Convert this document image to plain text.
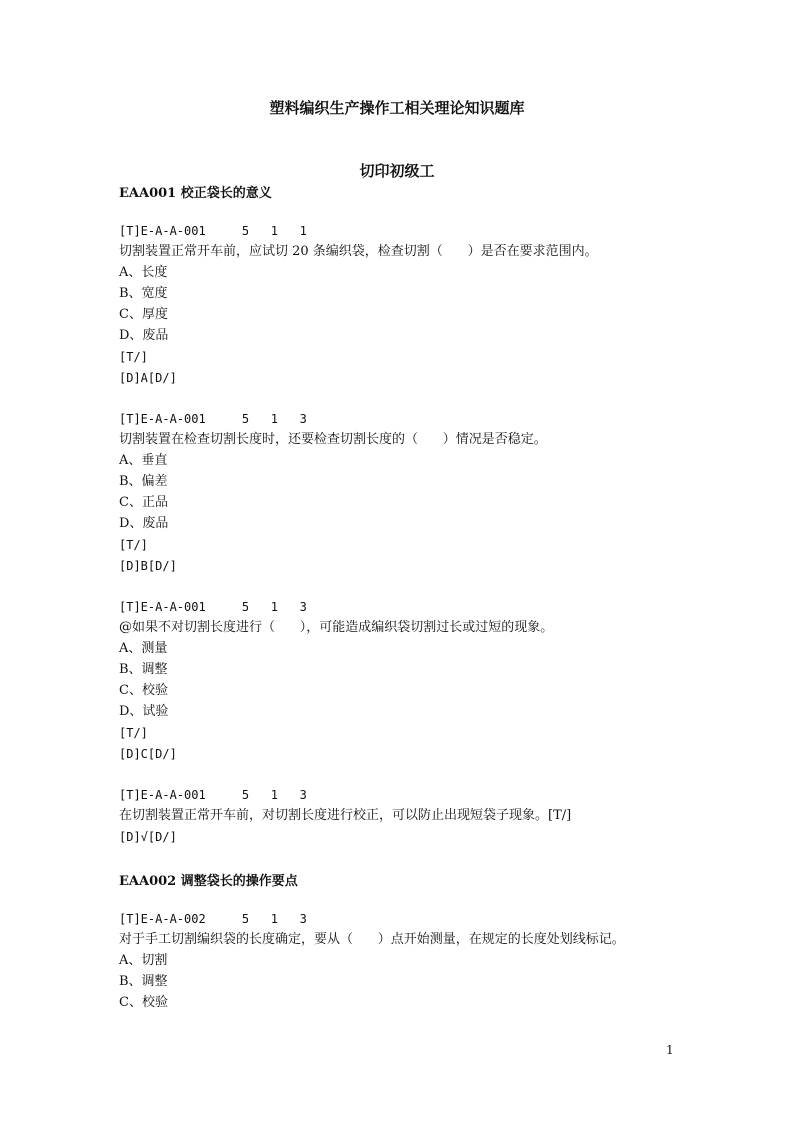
塑料编织生产操作工相关理论知识题库
切印初级工
EAA001 校正袋长的意义
[T]E-A-A-001     5   1   1
切割装置正常开车前，应试切 20 条编织袋，检查切割（      ）是否在要求范围内。
A、长度
B、宽度
C、厚度
D、废品
[T/]
[D]A[D/]
[T]E-A-A-001     5   1   3
切割装置在检查切割长度时，还要检查切割长度的（      ）情况是否稳定。
A、垂直
B、偏差
C、正品
D、废品
[T/]
[D]B[D/]
[T]E-A-A-001     5   1   3
@如果不对切割长度进行（      ），可能造成编织袋切割过长或过短的现象。
A、测量
B、调整
C、校验
D、试验
[T/]
[D]C[D/]
[T]E-A-A-001     5   1   3
在切割装置正常开车前，对切割长度进行校正，可以防止出现短袋子现象。[T/]
[D]√[D/]
EAA002 调整袋长的操作要点
[T]E-A-A-002     5   1   3
对于手工切割编织袋的长度确定，要从（      ）点开始测量，在规定的长度处划线标记。
A、切割
B、调整
C、校验
1
